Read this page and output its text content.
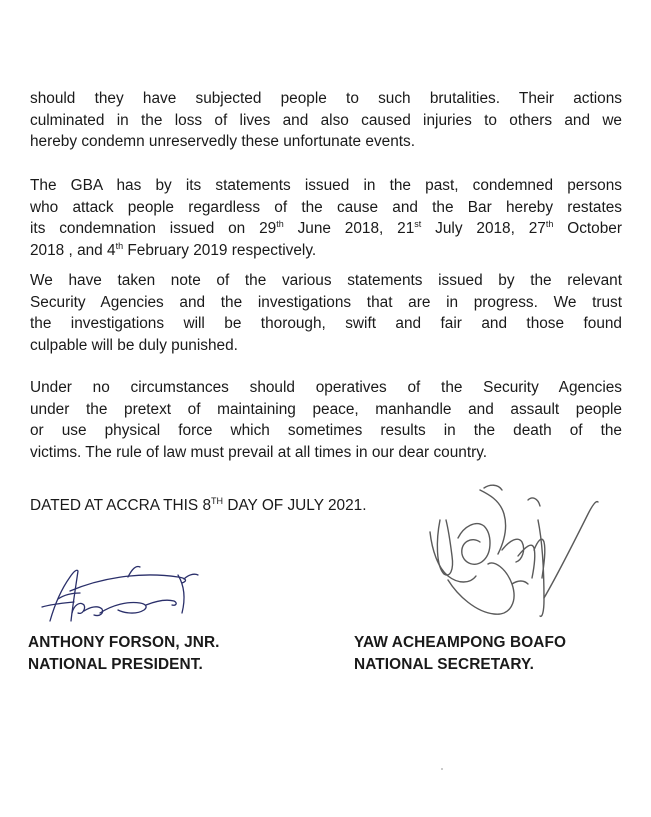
should they have subjected people to such brutalities. Their actions
culminated in the loss of lives and also caused injuries to others and we
hereby condemn unreservedly these unfortunate events.
The GBA has by its statements issued in the past, condemned persons
who attack people regardless of the cause and the Bar hereby restates
its condemnation issued on 29th June 2018, 21st July 2018, 27th October
2018 , and 4th February 2019 respectively.
We have taken note of the various statements issued by the relevant
Security Agencies and the investigations that are in progress. We trust
the investigations will be thorough, swift and fair and those found
culpable will be duly punished.
Under no circumstances should operatives of the Security Agencies
under the pretext of maintaining peace, manhandle and assault people
or use physical force which sometimes results in the death of the
victims. The rule of law must prevail at all times in our dear country.
DATED AT ACCRA THIS 8TH DAY OF JULY 2021.
ANTHONY FORSON, JNR.
NATIONAL PRESIDENT.
YAW ACHEAMPONG BOAFO
NATIONAL SECRETARY.
